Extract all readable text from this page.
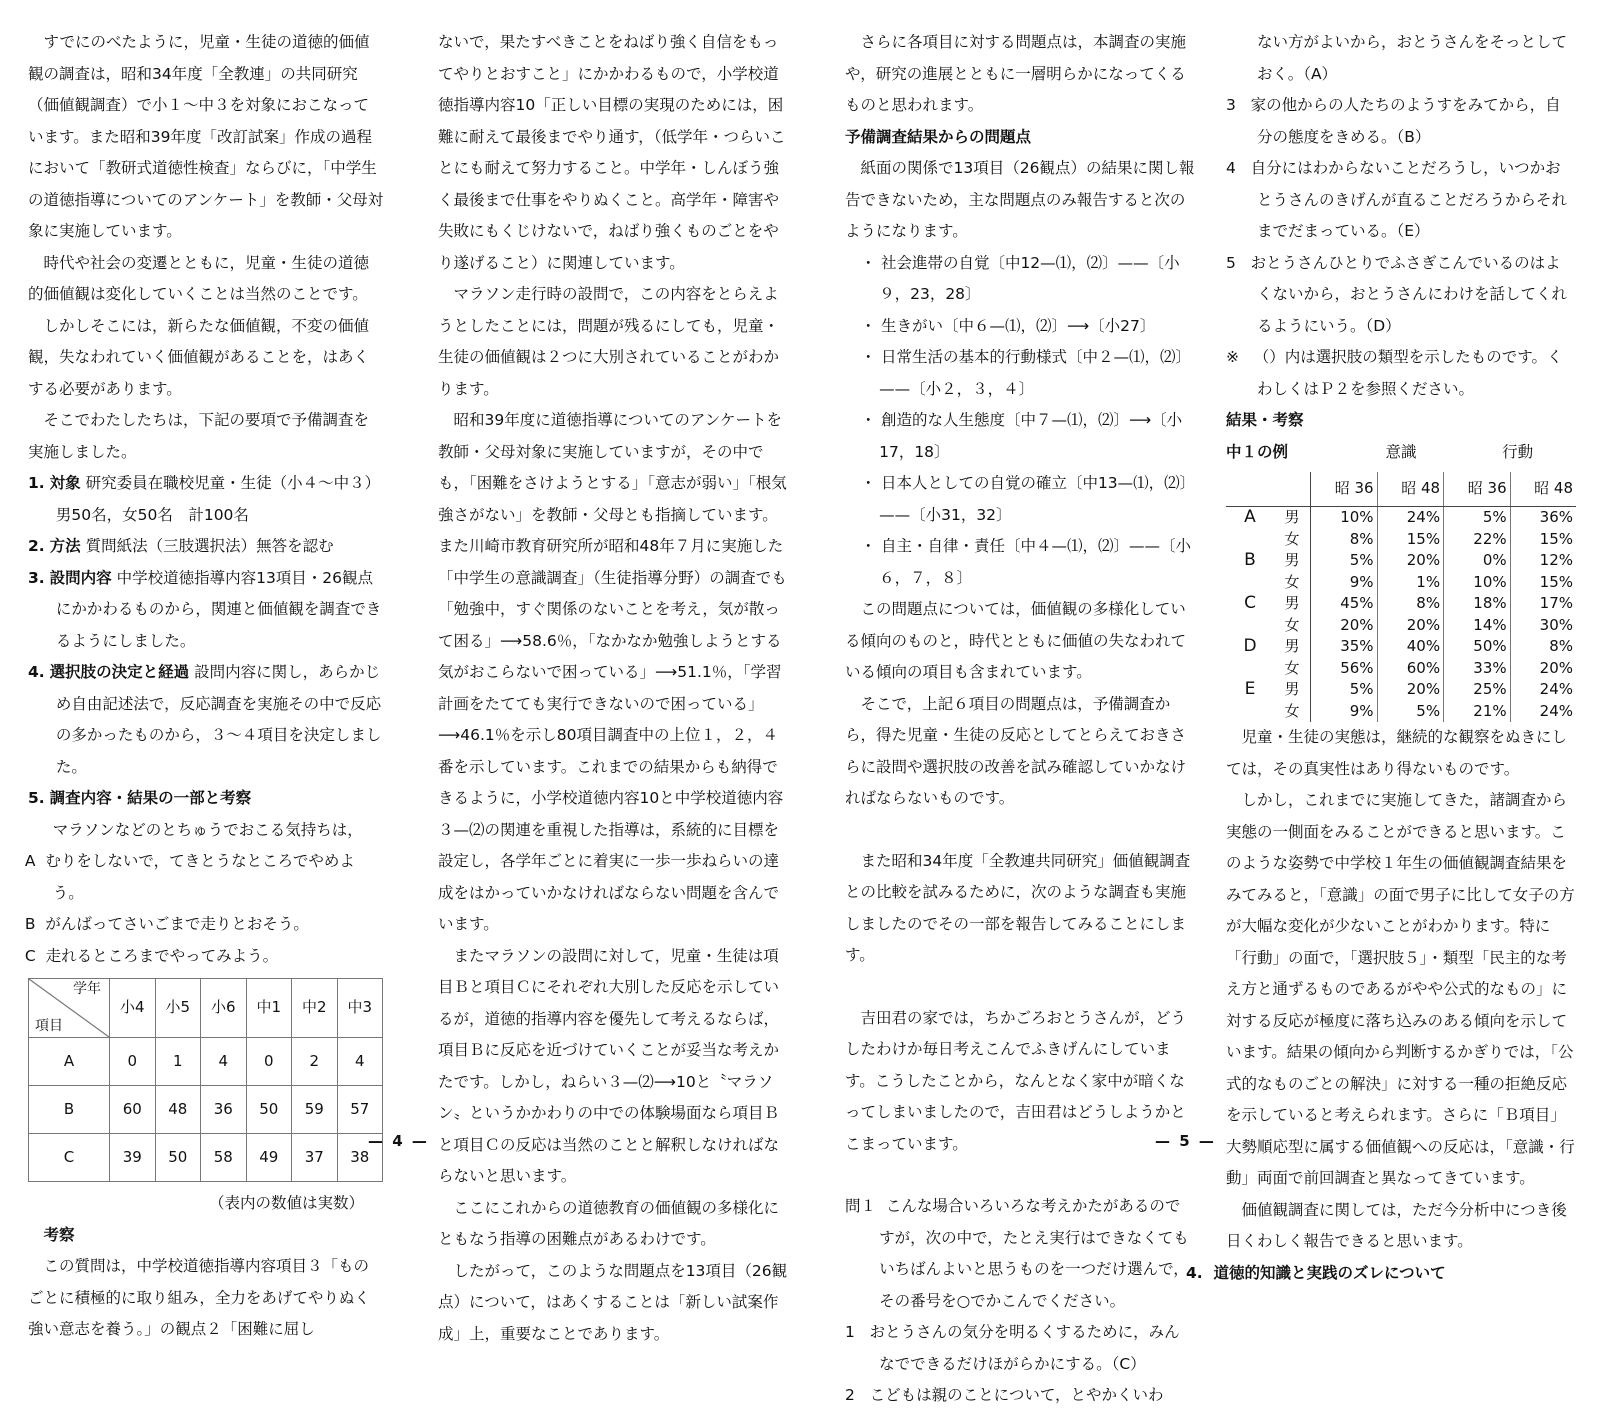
すでにのべたように，児童・生徒の道徳的価値観の調査は，昭和34年度「全教連」の共同研究（価値観調査）で小１〜中３を対象におこなっています。また昭和39年度「改訂試案」作成の過程において「教研式道徳性検査」ならびに，「中学生の道徳指導についてのアンケート」を教師・父母対象に実施しています。

時代や社会の変遷とともに，児童・生徒の道徳的価値観は変化していくことは当然のことです。

しかしそこには，新らたな価値観，不変の価値観，失なわれていく価値観があることを，はあくする必要があります。

そこでわたしたちは，下記の要項で予備調査を実施しました。

1. 対象 研究委員在職校児童・生徒（小４〜中３）男50名，女50名　計100名
2. 方法 質問紙法（三肢選択法）無答を認む
3. 設問内容 中学校道徳指導内容13項目・26観点にかかわるものから，関連と価値観を調査できるようにしました。
4. 選択肢の決定と経過 設問内容に関し，あらかじめ自由記述法で，反応調査を実施その中で反応の多かったものから，３〜４項目を決定しました。
5. 調査内容・結果の一部と考察

マラソンなどのとちゅうでおこる気持ちは，

A むりをしないで，てきとうなところでやめよう。
B がんばってさいごまで走りとおそう。
C 走れるところまでやってみよう。
学年
項目	小4	小5	小6	中1	中2	中3
A	0	1	4	0	2	4
B	60	48	36	50	59	57
C	39	50	58	49	37	38

（表内の数値は実数）

考察

この質問は，中学校道徳指導内容項目３「ものごとに積極的に取り組み，全力をあげてやりぬく強い意志を養う。」の観点２「困難に屈し

ないで，果たすべきことをねばり強く自信をもってやりとおすこと」にかかわるもので，小学校道徳指導内容10「正しい目標の実現のためには，困難に耐えて最後までやり通す，（低学年・つらいことにも耐えて努力すること。中学年・しんぼう強く最後まで仕事をやりぬくこと。高学年・障害や失敗にもくじけないで，ねばり強くものごとをやり遂げること）に関連しています。

マラソン走行時の設問で，この内容をとらえようとしたことには，問題が残るにしても，児童・生徒の価値観は２つに大別されていることがわかります。

昭和39年度に道徳指導についてのアンケートを教師・父母対象に実施していますが，その中でも，「困難をさけようとする」「意志が弱い」「根気強さがない」を教師・父母とも指摘しています。また川崎市教育研究所が昭和48年７月に実施した「中学生の意識調査」（生徒指導分野）の調査でも「勉強中，すぐ関係のないことを考え，気が散って困る」⟶58.6％，「なかなか勉強しようとする気がおこらないで困っている」⟶51.1％，「学習計画をたてても実行できないので困っている」⟶46.1％を示し80項目調査中の上位１，２，４番を示しています。これまでの結果からも納得できるように，小学校道徳内容10と中学校道徳内容３—⑵の関連を重視した指導は，系統的に目標を設定し，各学年ごとに着実に一歩一歩ねらいの達成をはかっていかなければならない問題を含んでいます。

またマラソンの設問に対して，児童・生徒は項目Ｂと項目Ｃにそれぞれ大別した反応を示しているが，道徳的指導内容を優先して考えるならば，項目Ｂに反応を近づけていくことが妥当な考えかたです。しかし，ねらい３—⑵⟶10と〝マラソン〟というかかわりの中での体験場面なら項目Ｂと項目Ｃの反応は当然のことと解釈しなければならないと思います。

ここにこれからの道徳教育の価値観の多様化にともなう指導の困難点があるわけです。

したがって，このような問題点を13項目（26観点）について，はあくすることは「新しい試案作成」上，重要なことであります。

— 4 —

さらに各項目に対する問題点は，本調査の実施や，研究の進展とともに一層明らかになってくるものと思われます。

予備調査結果からの問題点

紙面の関係で13項目（26観点）の結果に関し報告できないため，主な問題点のみ報告すると次のようになります。

・ 社会進帯の自覚〔中12—⑴，⑵〕——〔小９，23，28〕
・ 生きがい〔中６—⑴，⑵〕⟶〔小27〕
・ 日常生活の基本的行動様式〔中２—⑴，⑵〕——〔小２，３，４〕
・ 創造的な人生態度〔中７—⑴，⑵〕⟶〔小17，18〕
・ 日本人としての自覚の確立〔中13—⑴，⑵〕——〔小31，32〕
・ 自主・自律・責任〔中４—⑴，⑵〕——〔小６，７，８〕

この問題点については，価値観の多様化している傾向のものと，時代とともに価値の失なわれている傾向の項目も含まれています。

そこで，上記６項目の問題点は，予備調査から，得た児童・生徒の反応としてとらえておきさらに設問や選択肢の改善を試み確認していかなければならないものです。

また昭和34年度「全教連共同研究」価値観調査との比較を試みるために，次のような調査も実施しましたのでその一部を報告してみることにします。

吉田君の家では，ちかごろおとうさんが，どうしたわけか毎日考えこんでふきげんにしています。こうしたことから，なんとなく家中が暗くなってしまいましたので，吉田君はどうしようかとこまっています。

問１ こんな場合いろいろな考えかたがあるのですが，次の中で，たとえ実行はできなくてもいちばんよいと思うものを一つだけ選んで，その番号を○でかこんでください。
1 おとうさんの気分を明るくするために，みんなでできるだけほがらかにする。（C）
2 こどもは親のことについて，とやかくいわ

ない方がよいから，おとうさんをそっとしておく。（A）

3 家の他からの人たちのようすをみてから，自分の態度をきめる。（B）
4 自分にはわからないことだろうし，いつかおとうさんのきげんが直ることだろうからそれまでだまっている。（E）
5 おとうさんひとりでふさぎこんでいるのはよくないから，おとうさんにわけを話してくれるようにいう。（D）
※ （）内は選択肢の類型を示したものです。くわしくはＰ２を参照ください。

結果・考察

中１の例	意識	行動
		昭 36	昭 48	昭 36	昭 48
A	男	10%	24%	5%	36%
	女	8%	15%	22%	15%
B	男	5%	20%	0%	12%
	女	9%	1%	10%	15%
C	男	45%	8%	18%	17%
	女	20%	20%	14%	30%
D	男	35%	40%	50%	8%
	女	56%	60%	33%	20%
E	男	5%	20%	25%	24%
	女	9%	5%	21%	24%

児童・生徒の実態は，継続的な観察をぬきにしては，その真実性はあり得ないものです。

しかし，これまでに実施してきた，諸調査から実態の一側面をみることができると思います。このような姿勢で中学校１年生の価値観調査結果をみてみると，「意識」の面で男子に比して女子の方が大幅な変化が少ないことがわかります。特に「行動」の面で，「選択肢５」・類型「民主的な考え方と通ずるものであるがやや公式的なもの」に対する反応が極度に落ち込みのある傾向を示しています。結果の傾向から判断するかぎりでは，「公式的なものごとの解決」に対する一種の拒絶反応を示していると考えられます。さらに「Ｂ項目」大勢順応型に属する価値観への反応は，「意識・行動」両面で前回調査と異なってきています。

価値観調査に関しては，ただ今分析中につき後日くわしく報告できると思います。

4. 道徳的知識と実践のズレについて
— 5 —
